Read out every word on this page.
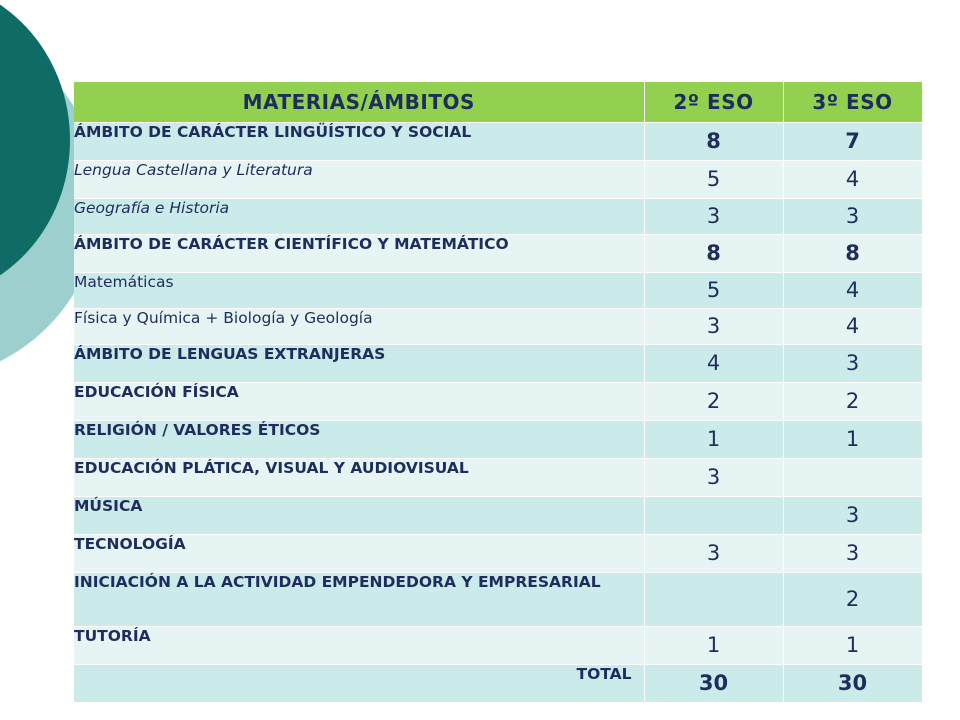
MATERIAS/ÁMBITOS	2º ESO	3º ESO
ÁMBITO DE CARÁCTER LINGÜÍSTICO Y SOCIAL	8	7
Lengua Castellana y Literatura	5	4
Geografía e Historia	3	3
ÁMBITO DE CARÁCTER CIENTÍFICO Y MATEMÁTICO	8	8
Matemáticas	5	4
Física y Química + Biología y Geología	3	4
ÁMBITO DE LENGUAS EXTRANJERAS	4	3
EDUCACIÓN FÍSICA	2	2
RELIGIÓN / VALORES ÉTICOS	1	1
EDUCACIÓN PLÁTICA, VISUAL Y AUDIOVISUAL	3	
MÚSICA		3
TECNOLOGÍA	3	3
INICIACIÓN A LA ACTIVIDAD EMPENDEDORA Y EMPRESARIAL		2
TUTORÍA	1	1
TOTAL	30	30
